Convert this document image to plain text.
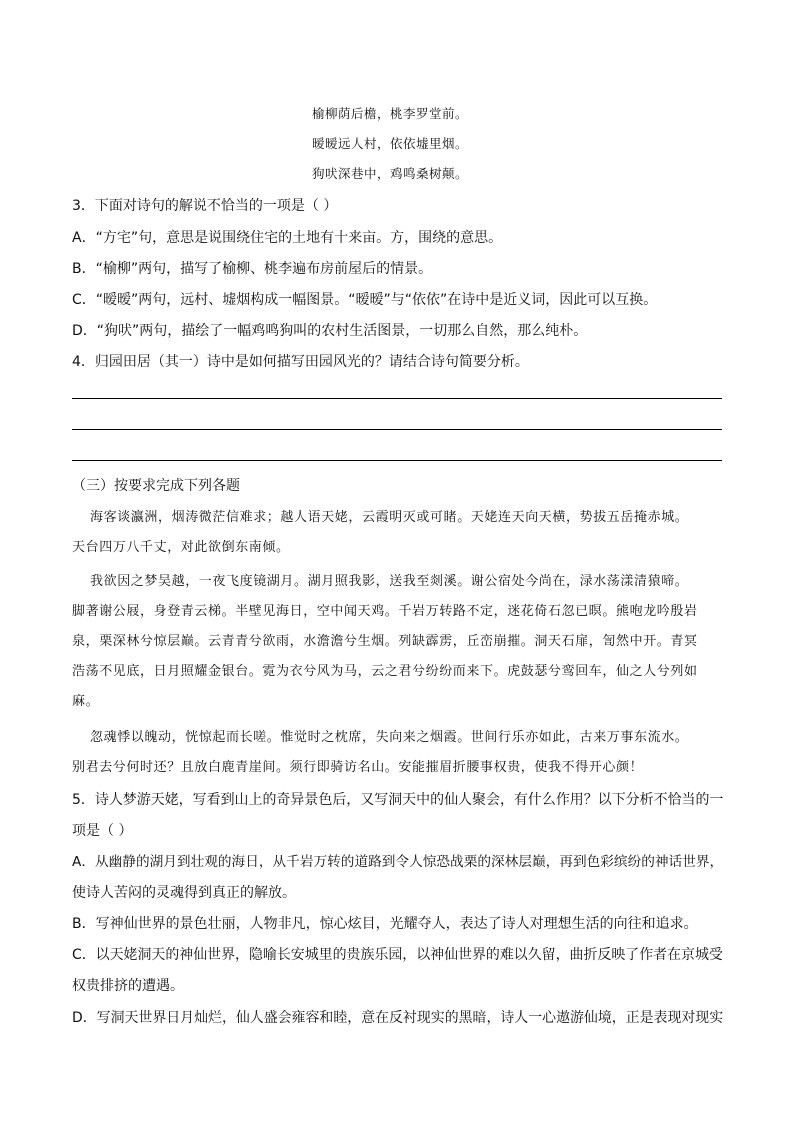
榆柳荫后檐，桃李罗堂前。
暧暧远人村，依依墟里烟。
狗吠深巷中，鸡鸣桑树颠。
3．下面对诗句的解说不恰当的一项是（ ）
A．“方宅”句，意思是说围绕住宅的土地有十来亩。方，围绕的意思。
B．“榆柳”两句，描写了榆柳、桃李遍布房前屋后的情景。
C．“暧暧”两句，远村、墟烟构成一幅图景。“暧暧”与“依依”在诗中是近义词，因此可以互换。
D．“狗吠”两句，描绘了一幅鸡鸣狗叫的农村生活图景，一切那么自然，那么纯朴。
4．归园田居（其一）诗中是如何描写田园风光的？请结合诗句简要分析。
（三）按要求完成下列各题
海客谈瀛洲，烟涛微茫信难求；越人语天姥，云霞明灭或可睹。天姥连天向天横，势拔五岳掩赤城。
天台四万八千丈，对此欲倒东南倾。
我欲因之梦吴越，一夜飞度镜湖月。湖月照我影，送我至剡溪。谢公宿处今尚在，渌水荡漾清猿啼。
脚著谢公屐，身登青云梯。半壁见海日，空中闻天鸡。千岩万转路不定，迷花倚石忽已暝。熊咆龙吟殷岩
泉，栗深林兮惊层巅。云青青兮欲雨，水澹澹兮生烟。列缺霹雳，丘峦崩摧。洞天石扉，訇然中开。青冥
浩荡不见底，日月照耀金银台。霓为衣兮风为马，云之君兮纷纷而来下。虎鼓瑟兮鸾回车，仙之人兮列如
麻。
忽魂悸以魄动，恍惊起而长嗟。惟觉时之枕席，失向来之烟霞。世间行乐亦如此，古来万事东流水。
别君去兮何时还？且放白鹿青崖间。须行即骑访名山。安能摧眉折腰事权贵，使我不得开心颜！
5．诗人梦游天姥，写看到山上的奇异景色后，又写洞天中的仙人聚会，有什么作用？以下分析不恰当的一
项是（ ）
A．从幽静的湖月到壮观的海日，从千岩万转的道路到令人惊恐战栗的深林层巅，再到色彩缤纷的神话世界，
使诗人苦闷的灵魂得到真正的解放。
B．写神仙世界的景色壮丽，人物非凡，惊心炫目，光耀夺人，表达了诗人对理想生活的向往和追求。
C．以天姥洞天的神仙世界，隐喻长安城里的贵族乐园，以神仙世界的难以久留，曲折反映了作者在京城受
权贵排挤的遭遇。
D．写洞天世界日月灿烂，仙人盛会雍容和睦，意在反衬现实的黑暗，诗人一心遨游仙境，正是表现对现实
